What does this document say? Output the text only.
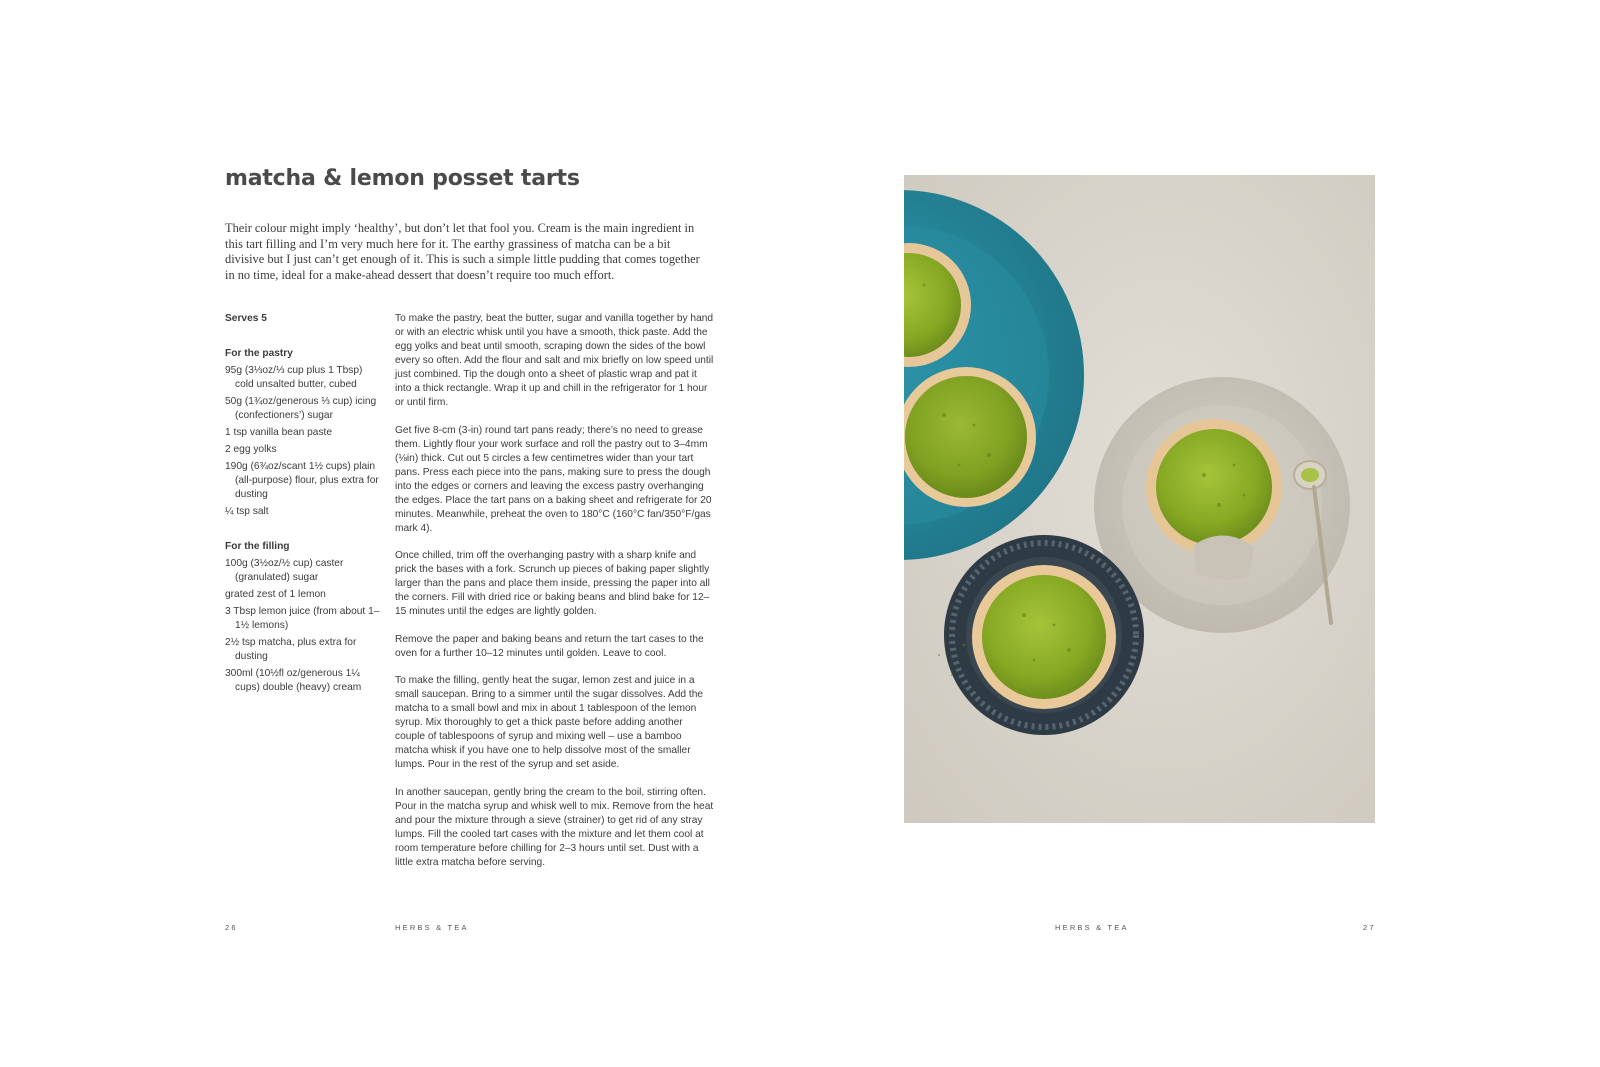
matcha & lemon posset tarts

Their colour might imply ‘healthy’, but don’t let that fool you. Cream is the main ingredient in this tart filling and I’m very much here for it. The earthy grassiness of matcha can be a bit divisive but I just can’t get enough of it. This is such a simple little pudding that comes together in no time, ideal for a make-ahead dessert that doesn’t require too much effort.

Serves 5
For the pastry
95g (3⅓oz/⅓ cup plus 1 Tbsp) cold unsalted butter, cubed
50g (1¾oz/generous ⅓ cup) icing (confectioners’) sugar
1 tsp vanilla bean paste
2 egg yolks
190g (6¾oz/scant 1½ cups) plain (all-purpose) flour, plus extra for dusting
¼ tsp salt
For the filling
100g (3½oz/½ cup) caster (granulated) sugar
grated zest of 1 lemon
3 Tbsp lemon juice (from about 1–1½ lemons)
2½ tsp matcha, plus extra for dusting
300ml (10½fl oz/generous 1¼ cups) double (heavy) cream

To make the pastry, beat the butter, sugar and vanilla together by hand or with an electric whisk until you have a smooth, thick paste. Add the egg yolks and beat until smooth, scraping down the sides of the bowl every so often. Add the flour and salt and mix briefly on low speed until just combined. Tip the dough onto a sheet of plastic wrap and pat it into a thick rectangle. Wrap it up and chill in the refrigerator for 1 hour or until firm.

Get five 8-cm (3-in) round tart pans ready; there’s no need to grease them. Lightly flour your work surface and roll the pastry out to 3–4mm (⅛in) thick. Cut out 5 circles a few centimetres wider than your tart pans. Press each piece into the pans, making sure to press the dough into the edges or corners and leaving the excess pastry overhanging the edges. Place the tart pans on a baking sheet and refrigerate for 20 minutes. Meanwhile, preheat the oven to 180°C (160°C fan/350°F/gas mark 4).

Once chilled, trim off the overhanging pastry with a sharp knife and prick the bases with a fork. Scrunch up pieces of baking paper slightly larger than the pans and place them inside, pressing the paper into all the corners. Fill with dried rice or baking beans and blind bake for 12–15 minutes until the edges are lightly golden.

Remove the paper and baking beans and return the tart cases to the oven for a further 10–12 minutes until golden. Leave to cool.

To make the filling, gently heat the sugar, lemon zest and juice in a small saucepan. Bring to a simmer until the sugar dissolves. Add the matcha to a small bowl and mix in about 1 tablespoon of the lemon syrup. Mix thoroughly to get a thick paste before adding another couple of tablespoons of syrup and mixing well – use a bamboo matcha whisk if you have one to help dissolve most of the smaller lumps. Pour in the rest of the syrup and set aside.

In another saucepan, gently bring the cream to the boil, stirring often. Pour in the matcha syrup and whisk well to mix. Remove from the heat and pour the mixture through a sieve (strainer) to get rid of any stray lumps. Fill the cooled tart cases with the mixture and let them cool at room temperature before chilling for 2–3 hours until set. Dust with a little extra matcha before serving.

26	HERBS & TEA	HERBS & TEA	27
